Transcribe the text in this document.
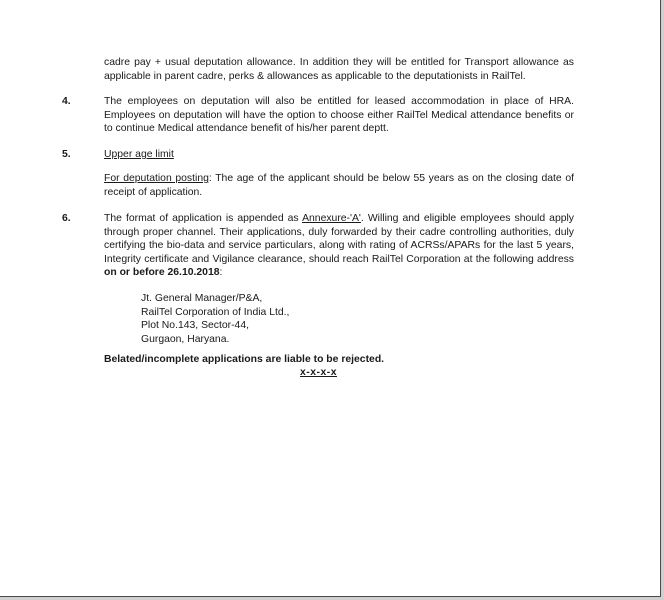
cadre pay + usual deputation allowance. In addition they will be entitled for Transport allowance as applicable in parent cadre, perks & allowances as applicable to the deputationists in RailTel.

4.	The employees on deputation will also be entitled for leased accommodation in place of HRA. Employees on deputation will have the option to choose either RailTel Medical attendance benefits or to continue Medical attendance benefit of his/her parent deptt.

5.	Upper age limit

For deputation posting: The age of the applicant should be below 55 years as on the closing date of receipt of application.

6.	The format of application is appended as Annexure-'A'. Willing and eligible employees should apply through proper channel. Their applications, duly forwarded by their cadre controlling authorities, duly certifying the bio-data and service particulars, along with rating of ACRSs/APARs for the last 5 years, Integrity certificate and Vigilance clearance, should reach RailTel Corporation at the following address on or before 26.10.2018:

Jt. General Manager/P&A,
RailTel Corporation of India Ltd.,
Plot No.143, Sector-44,
Gurgaon, Haryana.
Belated/incomplete applications are liable to be rejected.
x-x-x-x
